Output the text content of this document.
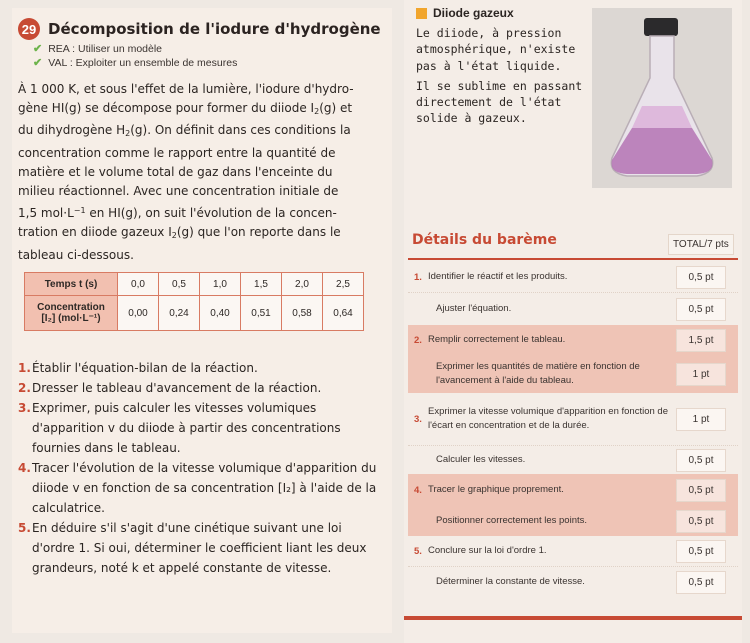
29 Décomposition de l'iodure d'hydrogène
✔ REA : Utiliser un modèle
✔ VAL : Exploiter un ensemble de mesures
À 1 000 K, et sous l'effet de la lumière, l'iodure d'hydro-
gène HI(g) se décompose pour former du diiode $I_2(g)$ et
du dihydrogène $H_2(g)$. On définit dans ces conditions la
concentration comme le rapport entre la quantité de
matière et le volume total de gaz dans l'enceinte du
milieu réactionnel. Avec une concentration initiale de
1,5 $mol\cdot L^{-1}$ en HI(g), on suit l'évolution de la concen-
tration en diiode gazeux $I_2(g)$ que l'on reporte dans le
tableau ci-dessous.
Temps t (s)	0,0	0,5	1,0	1,5	2,0	2,5
Concentration
[I₂] (mol·L⁻¹)	0,00	0,24	0,40	0,51	0,58	0,64
1. Établir l'équation-bilan de la réaction.
2. Dresser le tableau d'avancement de la réaction.
3. Exprimer, puis calculer les vitesses volumiques d'apparition v du diiode à partir des concentrations fournies dans le tableau.
4. Tracer l'évolution de la vitesse volumique d'apparition du diiode v en fonction de sa concentration [I₂] à l'aide de la calculatrice.
5. En déduire s'il s'agit d'une cinétique suivant une loi d'ordre 1. Si oui, déterminer le coefficient liant les deux grandeurs, noté k et appelé constante de vitesse.
Diiode gazeux
Le diiode, à pression atmosphérique, n'existe pas à l'état liquide.
Il se sublime en passant directement de l'état solide à gazeux.
Détails du barème	TOTAL/7 pts
1. Identifier le réactif et les produits.	0,5 pt
Ajuster l'équation.	0,5 pt
2. Remplir correctement le tableau.	1,5 pt
Exprimer les quantités de matière en fonction de l'avancement à l'aide du tableau.
1 pt
3.
Exprimer la vitesse volumique d'apparition en fonction de l'écart en concentration et de la durée.
1 pt
Calculer les vitesses.	0,5 pt
4. Tracer le graphique proprement.	0,5 pt
Positionner correctement les points.	0,5 pt
5. Conclure sur la loi d'ordre 1.	0,5 pt
Déterminer la constante de vitesse.	0,5 pt
